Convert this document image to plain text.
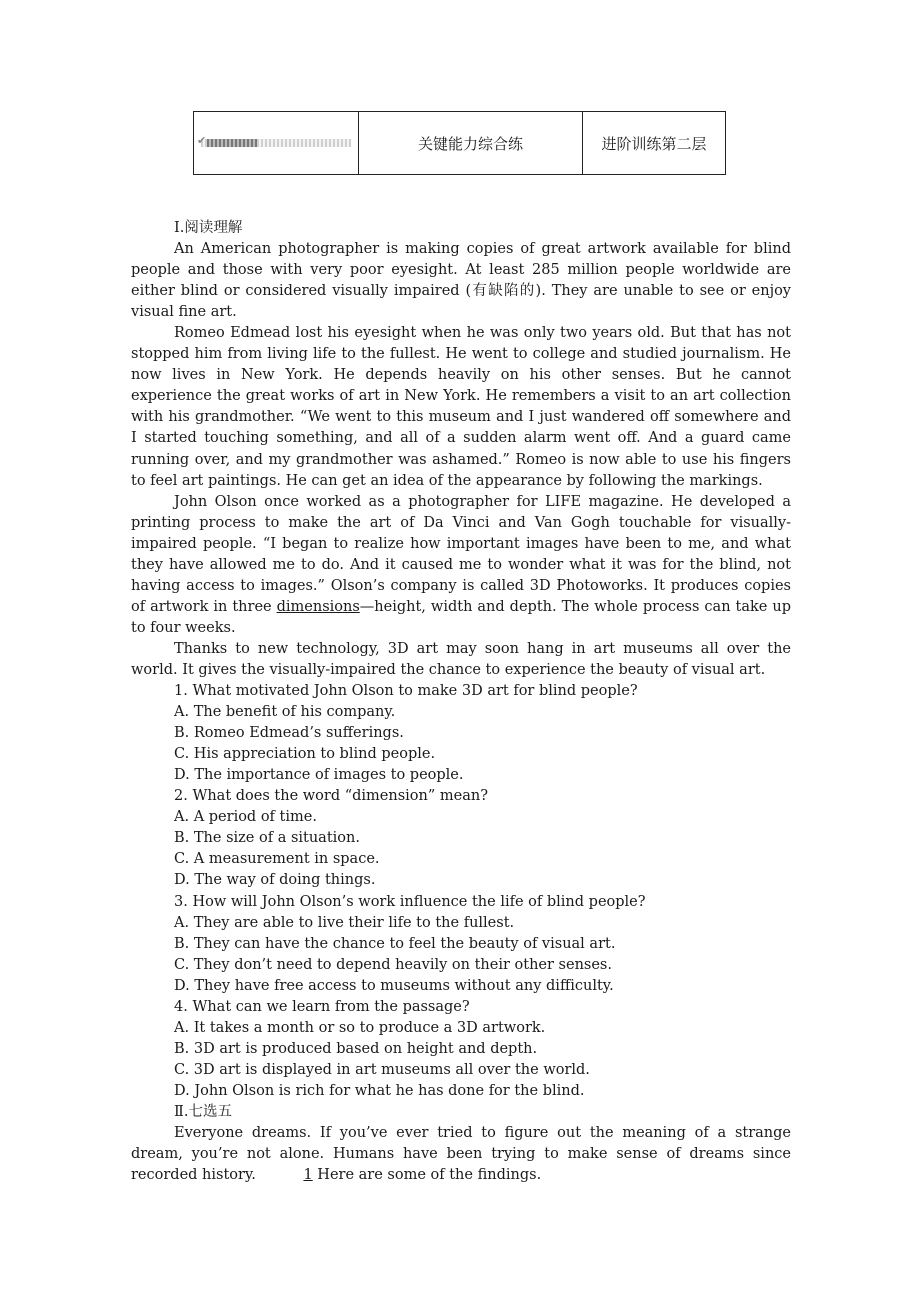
✔	关键能力综合练	进阶训练第二层

Ⅰ.阅读理解

An American photographer is making copies of great artwork available for blind people and those with very poor eyesight. At least 285 million people worldwide are either blind or considered visually impaired (有缺陷的). They are unable to see or enjoy visual fine art.

Romeo Edmead lost his eyesight when he was only two years old. But that has not stopped him from living life to the fullest. He went to college and studied journalism. He now lives in New York. He depends heavily on his other senses. But he cannot experience the great works of art in New York. He remembers a visit to an art collection with his grandmother. “We went to this museum and I just wandered off somewhere and I started touching something, and all of a sudden alarm went off. And a guard came running over, and my grandmother was ashamed.” Romeo is now able to use his fingers to feel art paintings. He can get an idea of the appearance by following the markings.

John Olson once worked as a photographer for LIFE magazine. He developed a printing process to make the art of Da Vinci and Van Gogh touchable for visually-impaired people. “I began to realize how important images have been to me, and what they have allowed me to do. And it caused me to wonder what it was for the blind, not having access to images.” Olson’s company is called 3D Photoworks. It produces copies of artwork in three dimensions—height, width and depth. The whole process can take up to four weeks.

Thanks to new technology, 3D art may soon hang in art museums all over the world. It gives the visually-impaired the chance to experience the beauty of visual art.

1. What motivated John Olson to make 3D art for blind people?

A. The benefit of his company.

B. Romeo Edmead’s sufferings.

C. His appreciation to blind people.

D. The importance of images to people.

2. What does the word “dimension” mean?

A. A period of time.

B. The size of a situation.

C. A measurement in space.

D. The way of doing things.

3. How will John Olson’s work influence the life of blind people?

A. They are able to live their life to the fullest.

B. They can have the chance to feel the beauty of visual art.

C. They don’t need to depend heavily on their other senses.

D. They have free access to museums without any difficulty.

4. What can we learn from the passage?

A. It takes a month or so to produce a 3D artwork.

B. 3D art is produced based on height and depth.

C. 3D art is displayed in art museums all over the world.

D. John Olson is rich for what he has done for the blind.

Ⅱ.七选五

Everyone dreams. If you’ve ever tried to figure out the meaning of a strange dream, you’re not alone. Humans have been trying to make sense of dreams since recorded history.	1 Here are some of the findings.
